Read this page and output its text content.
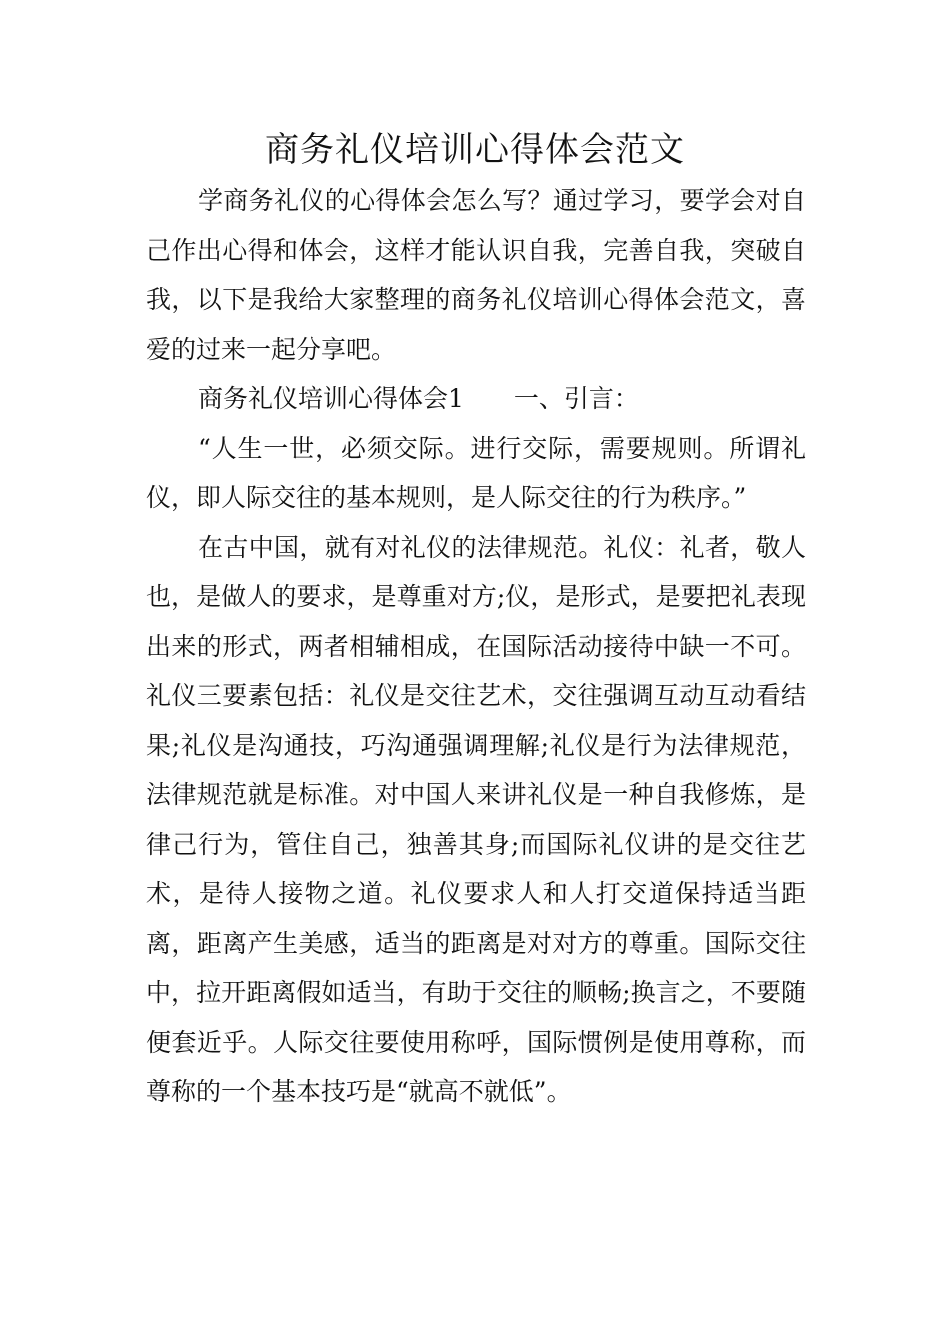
商务礼仪培训心得体会范文

学商务礼仪的心得体会怎么写？通过学习，要学会对自己作出心得和体会，这样才能认识自我，完善自我，突破自我，以下是我给大家整理的商务礼仪培训心得体会范文，喜爱的过来一起分享吧。

商务礼仪培训心得体会1 一、引言：

“人生一世，必须交际。进行交际，需要规则。所谓礼仪，即人际交往的基本规则，是人际交往的行为秩序。”

在古中国，就有对礼仪的法律规范。礼仪：礼者，敬人也，是做人的要求，是尊重对方;仪，是形式，是要把礼表现出来的形式，两者相辅相成，在国际活动接待中缺一不可。礼仪三要素包括：礼仪是交往艺术，交往强调互动互动看结果;礼仪是沟通技，巧沟通强调理解;礼仪是行为法律规范，法律规范就是标准。对中国人来讲礼仪是一种自我修炼，是律己行为，管住自己，独善其身;而国际礼仪讲的是交往艺术，是待人接物之道。礼仪要求人和人打交道保持适当距离，距离产生美感，适当的距离是对对方的尊重。国际交往中，拉开距离假如适当，有助于交往的顺畅;换言之，不要随便套近乎。人际交往要使用称呼，国际惯例是使用尊称，而尊称的一个基本技巧是“就高不就低”。
